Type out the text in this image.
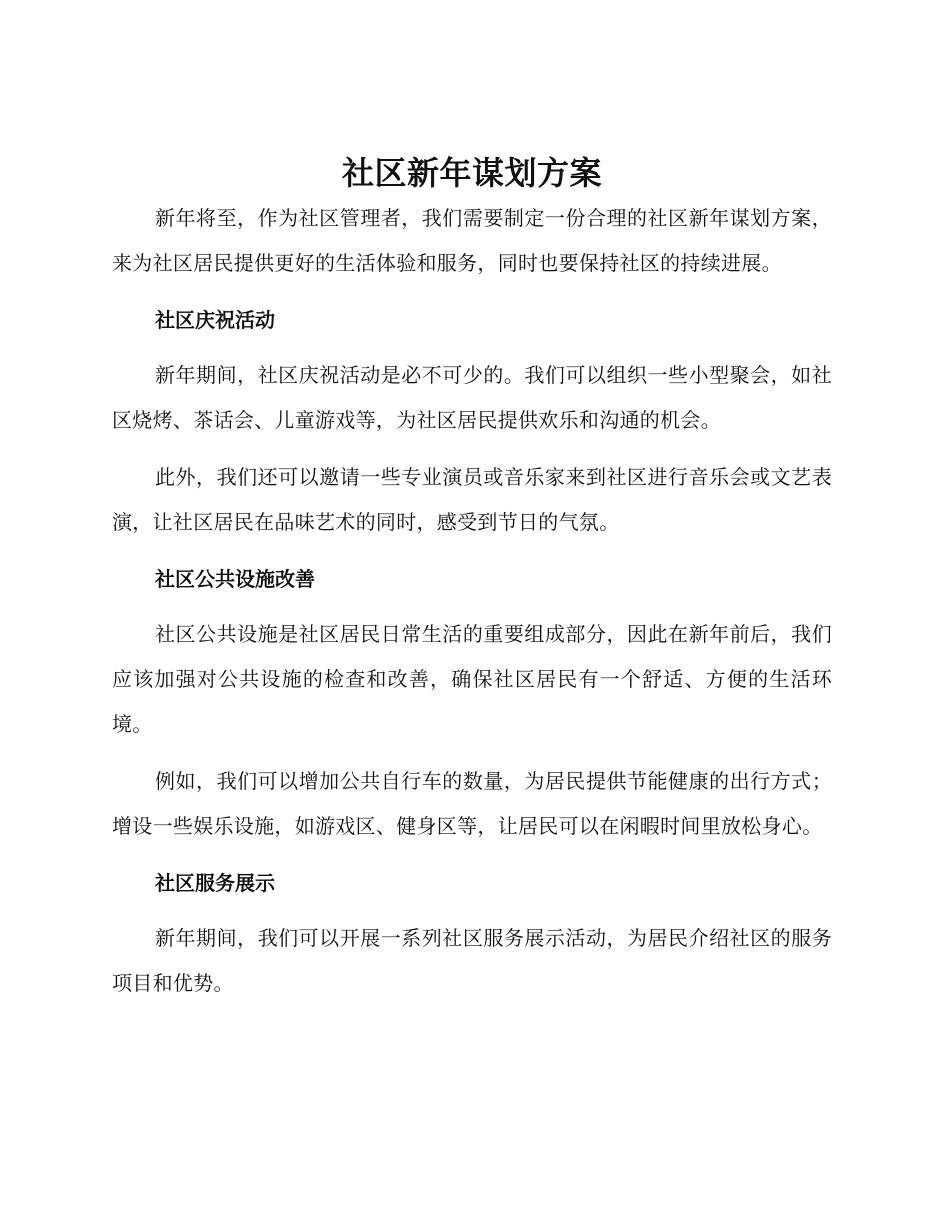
社区新年谋划方案

新年将至，作为社区管理者，我们需要制定一份合理的社区新年谋划方案，来为社区居民提供更好的生活体验和服务，同时也要保持社区的持续进展。

社区庆祝活动

新年期间，社区庆祝活动是必不可少的。我们可以组织一些小型聚会，如社区烧烤、茶话会、儿童游戏等，为社区居民提供欢乐和沟通的机会。

此外，我们还可以邀请一些专业演员或音乐家来到社区进行音乐会或文艺表演，让社区居民在品味艺术的同时，感受到节日的气氛。

社区公共设施改善

社区公共设施是社区居民日常生活的重要组成部分，因此在新年前后，我们应该加强对公共设施的检查和改善，确保社区居民有一个舒适、方便的生活环境。

例如，我们可以增加公共自行车的数量，为居民提供节能健康的出行方式；增设一些娱乐设施，如游戏区、健身区等，让居民可以在闲暇时间里放松身心。

社区服务展示

新年期间，我们可以开展一系列社区服务展示活动，为居民介绍社区的服务项目和优势。
